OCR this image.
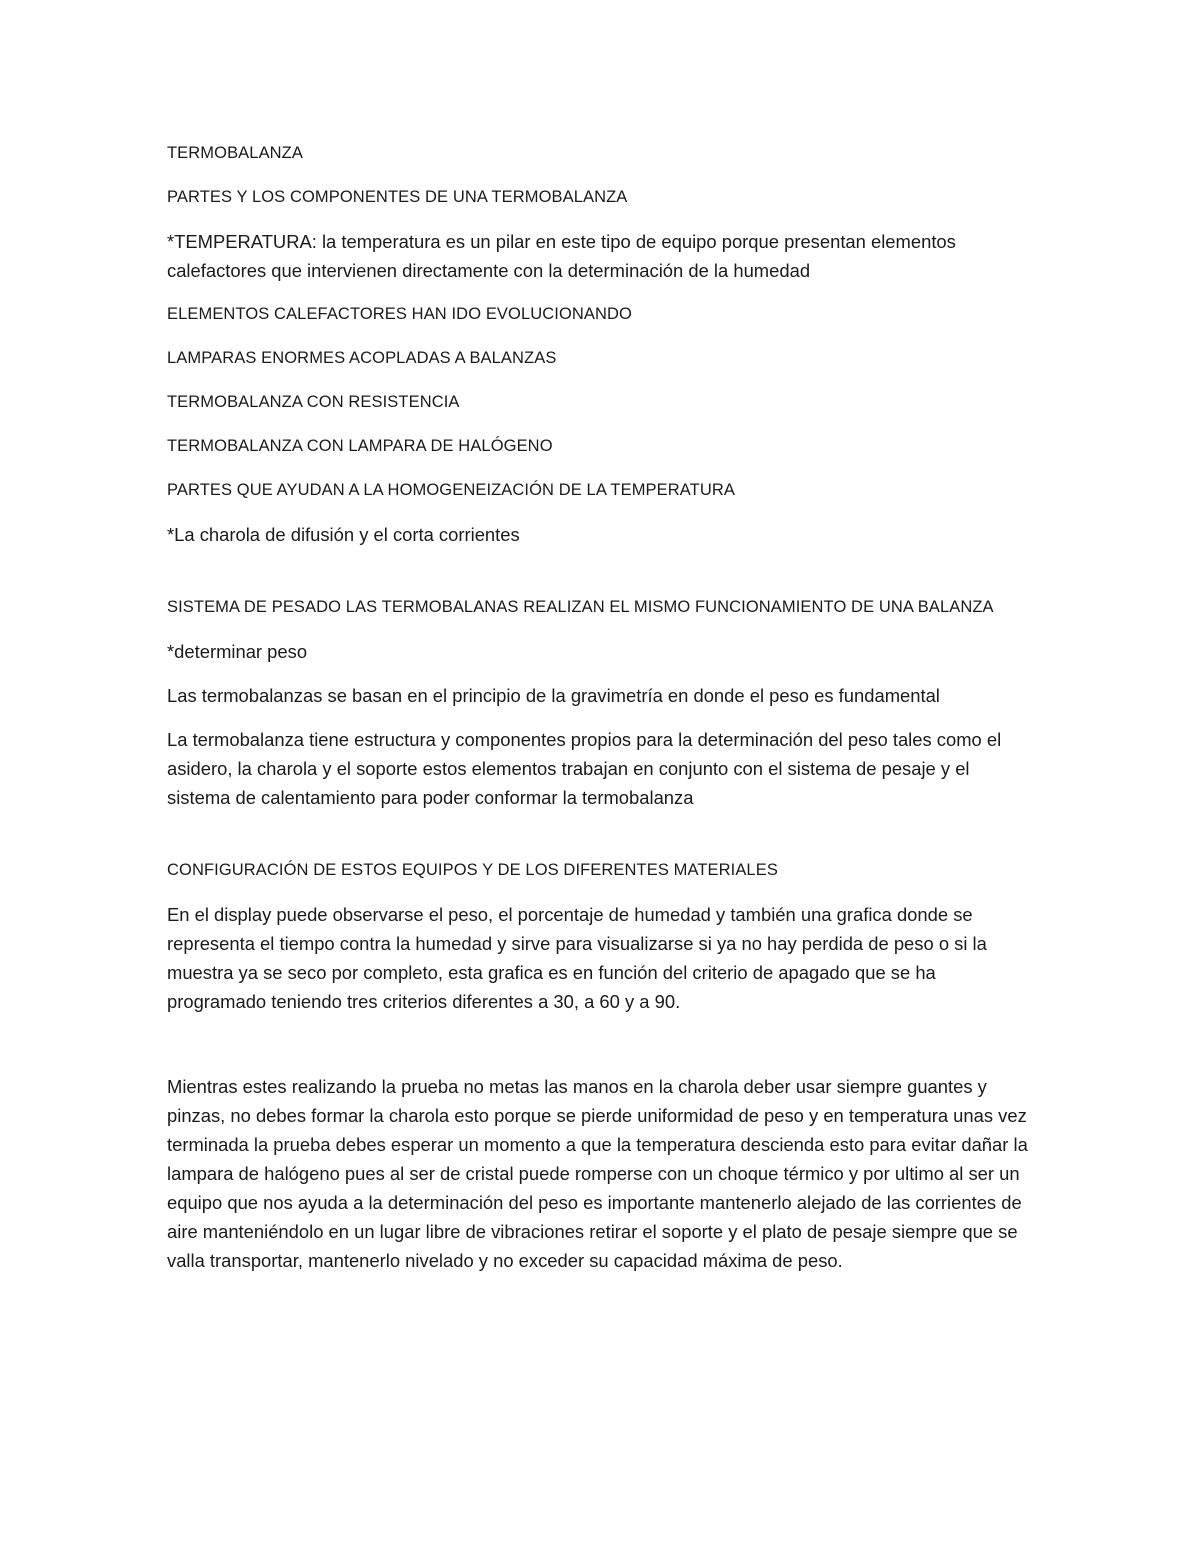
TERMOBALANZA

PARTES Y LOS COMPONENTES DE UNA TERMOBALANZA

*TEMPERATURA: la temperatura es un pilar en este tipo de equipo porque presentan elementos calefactores que intervienen directamente con la determinación de la humedad

ELEMENTOS CALEFACTORES HAN IDO EVOLUCIONANDO

LAMPARAS ENORMES ACOPLADAS A BALANZAS

TERMOBALANZA CON RESISTENCIA

TERMOBALANZA CON LAMPARA DE HALÓGENO

PARTES QUE AYUDAN A LA HOMOGENEIZACIÓN DE LA TEMPERATURA

*La charola de difusión y el corta corrientes

SISTEMA DE PESADO LAS TERMOBALANAS REALIZAN EL MISMO FUNCIONAMIENTO DE UNA BALANZA

*determinar peso

Las termobalanzas se basan en el principio de la gravimetría en donde el peso es fundamental

La termobalanza tiene estructura y componentes propios para la determinación del peso tales como el asidero, la charola y el soporte estos elementos trabajan en conjunto con el sistema de pesaje y el sistema de calentamiento para poder conformar la termobalanza

CONFIGURACIÓN DE ESTOS EQUIPOS Y DE LOS DIFERENTES MATERIALES

En el display puede observarse el peso, el porcentaje de humedad y también una grafica donde se representa el tiempo contra la humedad y sirve para visualizarse si ya no hay perdida de peso o si la muestra ya se seco por completo, esta grafica es en función del criterio de apagado que se ha programado teniendo tres criterios diferentes a 30, a 60 y a 90.

Mientras estes realizando la prueba no metas las manos en la charola deber usar siempre guantes y pinzas, no debes formar la charola esto porque se pierde uniformidad de peso y en temperatura unas vez terminada la prueba debes esperar un momento a que la temperatura descienda esto para evitar dañar la lampara de halógeno pues al ser de cristal puede romperse con un choque térmico y por ultimo al ser un equipo que nos ayuda a la determinación del peso es importante mantenerlo alejado de las corrientes de aire manteniéndolo en un lugar libre de vibraciones retirar el soporte y el plato de pesaje siempre que se valla transportar, mantenerlo nivelado y no exceder su capacidad máxima de peso.
